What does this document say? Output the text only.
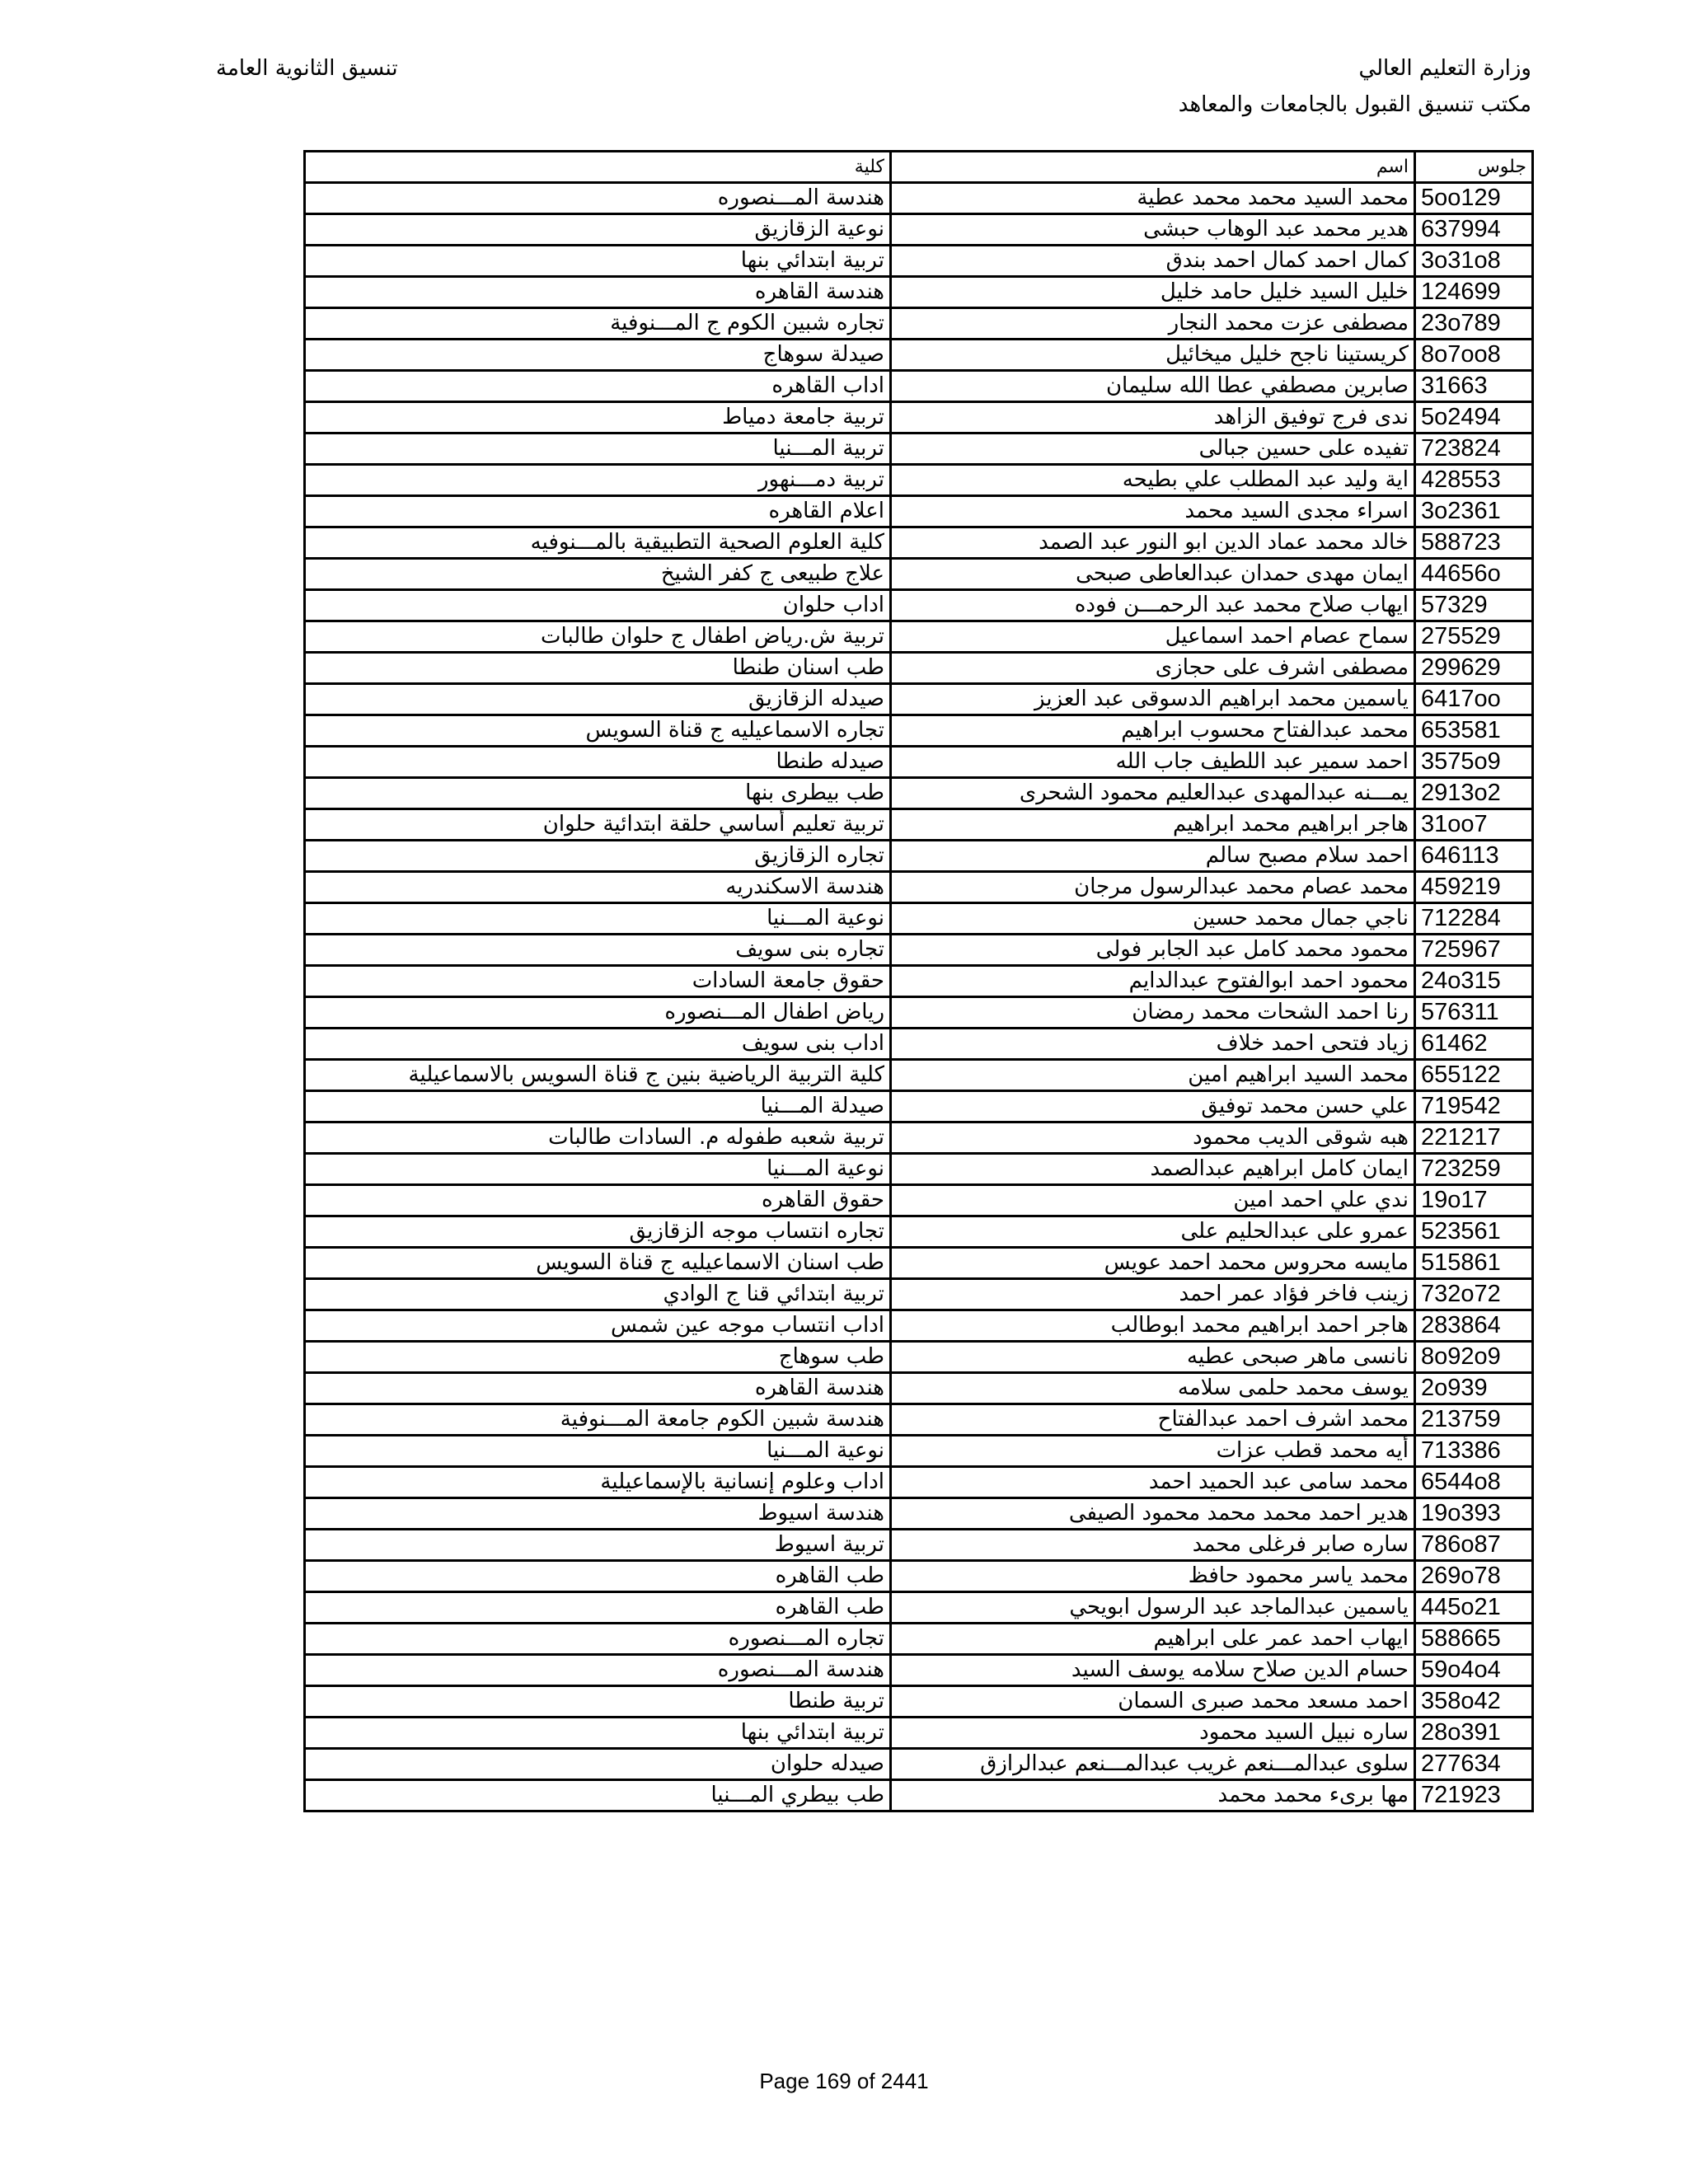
وزارة التعليم العالي
مكتب تنسيق القبول بالجامعات والمعاهد
تنسيق الثانوية العامة
جلوس	اسم	كلية
5oo129	محمد السيد محمد محمد عطية	هندسة المـــنصوره
637994	هدير محمد عبد الوهاب حبشى	نوعية الزقازيق
3o31o8	كمال احمد كمال احمد بندق	تربية ابتدائي بنها
124699	خليل السيد خليل حامد خليل	هندسة القاهره
23o789	مصطفى عزت محمد النجار	تجاره شبين الكوم ج المـــنوفية
8o7oo8	كريستينا ناجح خليل ميخائيل	صيدلة سوهاج
31663	صابرين مصطفي عطا الله سليمان	اداب القاهره
5o2494	ندى فرج توفيق الزاهد	تربية جامعة دمياط
723824	تفيده على حسين جبالى	تربية المـــنيا
428553	اية وليد عبد المطلب علي بطيحه	تربية دمـــنهور
3o2361	اسراء مجدى السيد محمد	اعلام القاهره
588723	خالد محمد عماد الدين ابو النور عبد الصمد	كلية العلوم الصحية التطبيقية بالمـــنوفيه
44656o	ايمان مهدى حمدان عبدالعاطى صبحى	علاج طبيعى ج كفر الشيخ
57329	ايهاب صلاح محمد عبد الرحمـــن فوده	اداب حلوان
275529	سماح عصام احمد اسماعيل	تربية ش.رياض اطفال ج حلوان طالبات
299629	مصطفى اشرف على حجازى	طب اسنان طنطا
6417oo	ياسمين محمد ابراهيم الدسوقى عبد العزيز	صيدله الزقازيق
653581	محمد عبدالفتاح محسوب ابراهيم	تجاره الاسماعيليه ج قناة السويس
3575o9	احمد سمير عبد اللطيف جاب الله	صيدله طنطا
2913o2	يمـــنه عبدالمهدى عبدالعليم محمود الشحرى	طب بيطرى بنها
31oo7	هاجر ابراهيم محمد ابراهيم	تربية تعليم أساسي حلقة ابتدائية حلوان
646113	احمد سلام مصبح سالم	تجاره الزقازيق
459219	محمد عصام محمد عبدالرسول مرجان	هندسة الاسكندريه
712284	ناجي جمال محمد حسين	نوعية المـــنيا
725967	محمود محمد كامل عبد الجابر فولى	تجاره بنى سويف
24o315	محمود احمد ابوالفتوح عبدالدايم	حقوق جامعة السادات
576311	رنا احمد الشحات محمد رمضان	رياض اطفال المـــنصوره
61462	زياد فتحى احمد خلاف	اداب بنى سويف
655122	محمد السيد ابراهيم امين	كلية التربية الرياضية بنين ج قناة السويس بالاسماعيلية
719542	علي حسن محمد توفيق	صيدلة المـــنيا
221217	هبه شوقى الديب محمود	تربية شعبه طفوله م. السادات طالبات
723259	ايمان كامل ابراهيم عبدالصمد	نوعية المـــنيا
19o17	ندي علي احمد امين	حقوق القاهره
523561	عمرو على عبدالحليم على	تجاره انتساب موجه الزقازيق
515861	مايسه محروس محمد احمد عويس	طب اسنان الاسماعيليه ج قناة السويس
732o72	زينب فاخر فؤاد عمر احمد	تربية ابتدائي قنا ج الوادي
283864	هاجر احمد ابراهيم محمد ابوطالب	اداب انتساب موجه عين شمس
8o92o9	نانسى ماهر صبحى عطيه	طب سوهاج
2o939	يوسف محمد حلمى سلامه	هندسة القاهره
213759	محمد اشرف احمد عبدالفتاح	هندسة شبين الكوم جامعة المـــنوفية
713386	أيه محمد قطب عزات	نوعية المـــنيا
6544o8	محمد سامى عبد الحميد احمد	اداب وعلوم إنسانية بالإسماعيلية
19o393	هدير احمد محمد محمد محمود الصيفى	هندسة اسيوط
786o87	ساره صابر فرغلى محمد	تربية اسيوط
269o78	محمد ياسر محمود حافظ	طب القاهره
445o21	ياسمين عبدالماجد عبد الرسول ابويحي	طب القاهره
588665	ايهاب احمد عمر على ابراهيم	تجاره المـــنصوره
59o4o4	حسام الدين صلاح سلامه يوسف السيد	هندسة المـــنصوره
358o42	احمد مسعد محمد صبرى السمان	تربية طنطا
28o391	ساره نبيل السيد محمود	تربية ابتدائي بنها
277634	سلوى عبدالمـــنعم غريب عبدالمـــنعم عبدالرازق	صيدله حلوان
721923	مها برىء محمد محمد	طب بيطري المـــنيا
Page 169 of 2441
